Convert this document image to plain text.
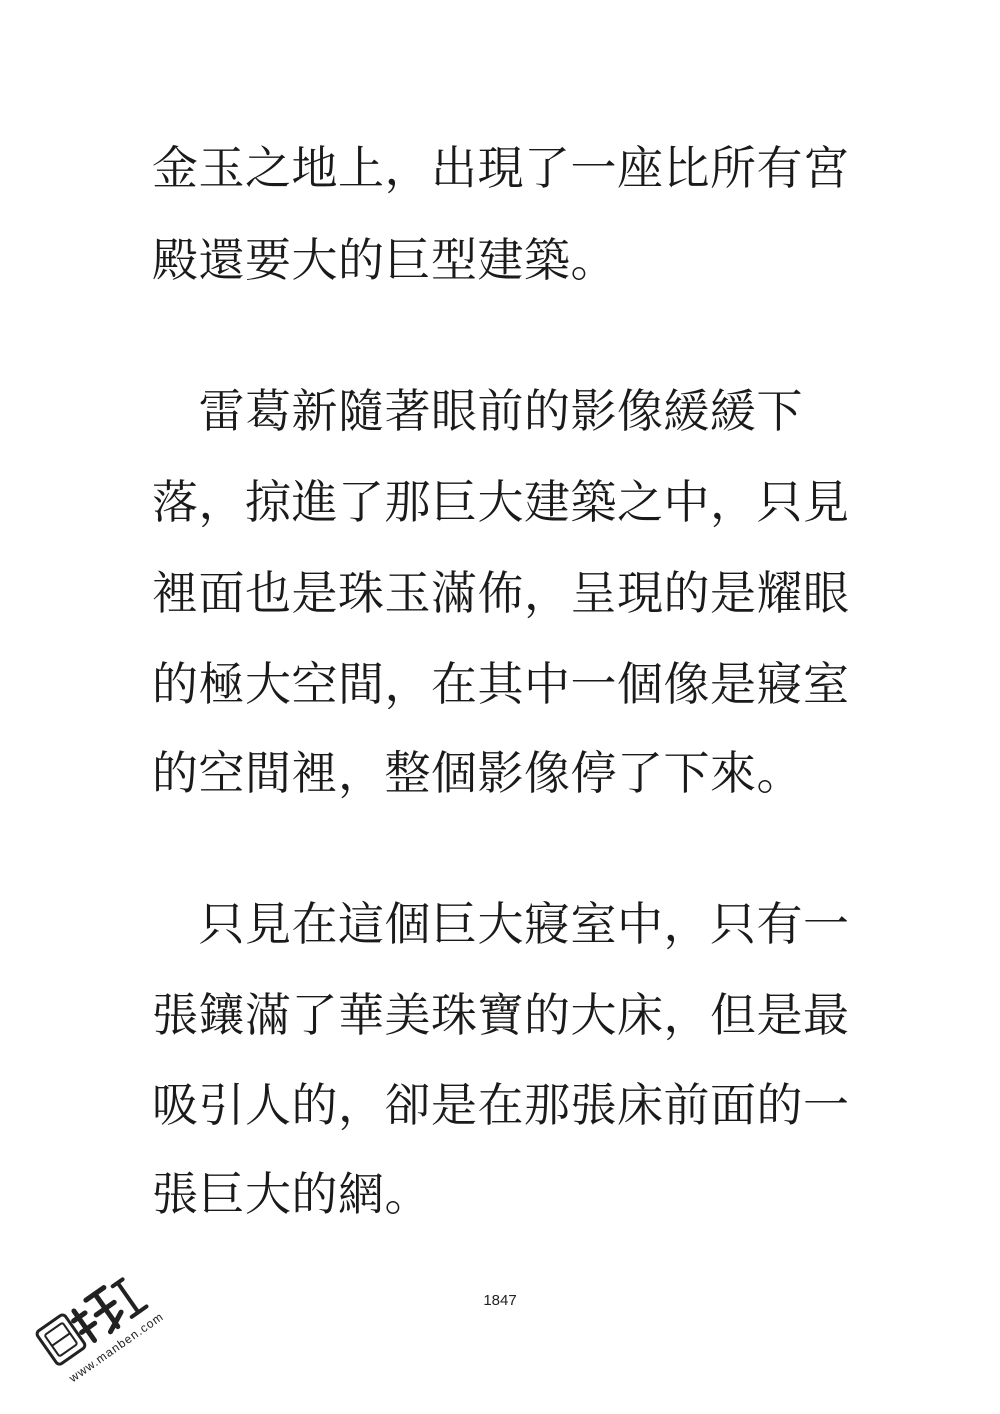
金玉之地上，出現了一座比所有宮
殿還要大的巨型建築。
　雷葛新隨著眼前的影像緩緩下
落，掠進了那巨大建築之中，只見
裡面也是珠玉滿佈，呈現的是耀眼
的極大空間，在其中一個像是寢室
的空間裡，整個影像停了下來。
　只見在這個巨大寢室中，只有一
張鑲滿了華美珠寶的大床，但是最
吸引人的，卻是在那張床前面的一
張巨大的網。
1847
www.manben.com
